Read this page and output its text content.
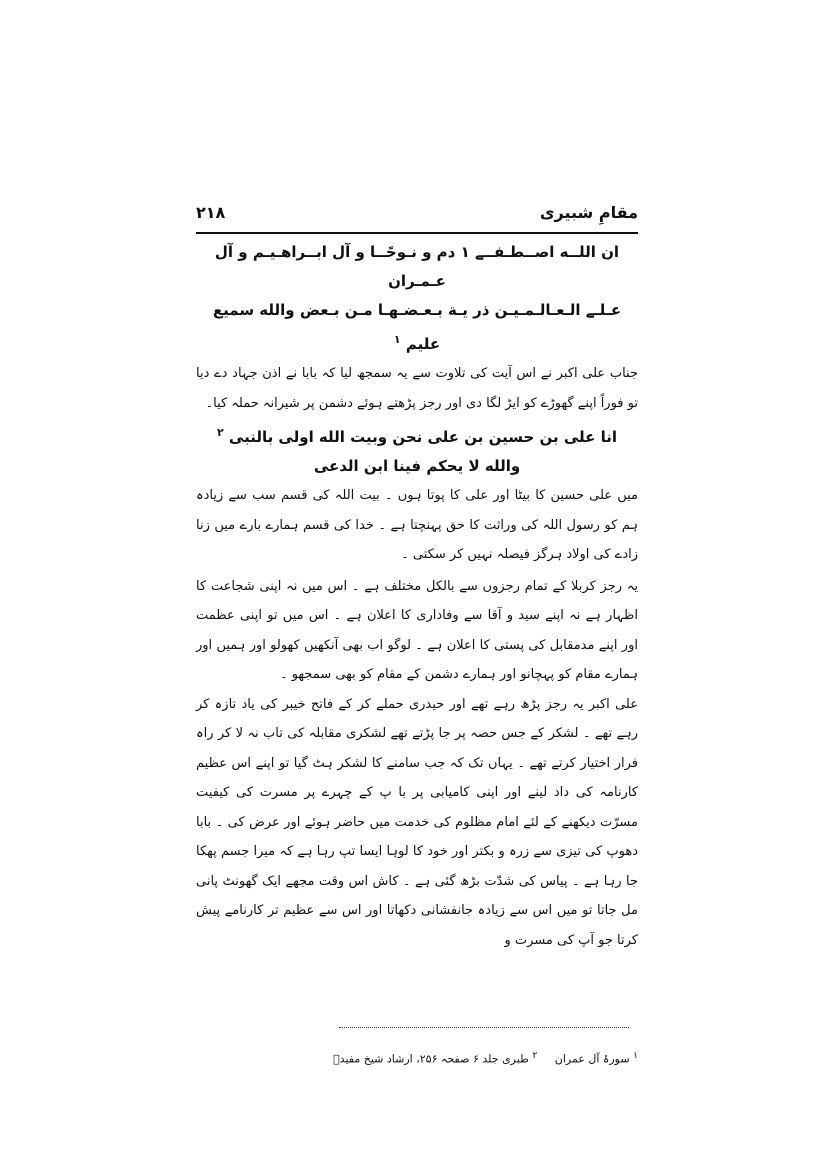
مقامِ شبیری
۲۱۸

ان اللــه اصــطـفــے ۱ دم و نـوحًــا و آل ابــراهـيـم و آل عـمـران

عـلـے الـعـالـمـيـن ذر يـة بـعـضـهـا مـن بـعض والله سميع عليم $^۱$

جناب علی اکبر نے اس آیت کی تلاوت سے یہ سمجھ لیا کہ بابا نے اذن جہاد دے دیا تو فوراً اپنے گھوڑے کو ایڑ لگا دی اور رجز پڑھتے ہوئے دشمن پر شیرانہ حملہ کیا۔

انا علی بن حسین بن علی نحن وبیت الله اولی بالنبی $^۲$

والله لا یحکم فینا ابن الدعی

میں علی حسین کا بیٹا اور علی کا پوتا ہوں ۔ بیت اللہ کی قسم سب سے زیادہ ہم کو رسول اللہ کی وراثت کا حق پہنچتا ہے ۔ خدا کی قسم ہمارے بارے میں زنا زادے کی اولاد ہرگز فیصلہ نہیں کر سکتی ۔

یہ رجز کربلا کے تمام رجزوں سے بالکل مختلف ہے ۔ اس میں نہ اپنی شجاعت کا اظہار ہے نہ اپنے سید و آقا سے وفاداری کا اعلان ہے ۔ اس میں تو اپنی عظمت اور اپنے مدمقابل کی پستی کا اعلان ہے ۔ لوگو اب بھی آنکھیں کھولو اور ہمیں اور ہمارے مقام کو پہچانو اور ہمارے دشمن کے مقام کو بھی سمجھو ۔

علی اکبر یہ رجز پڑھ رہے تھے اور حیدری حملے کر کے فاتح خیبر کی یاد تازہ کر رہے تھے ۔ لشکر کے جس حصہ پر جا پڑتے تھے لشکری مقابلہ کی تاب نہ لا کر راہ فرار اختیار کرتے تھے ۔ یہاں تک کہ جب سامنے کا لشکر ہٹ گیا تو اپنے اس عظیم کارنامہ کی داد لینے اور اپنی کامیابی پر با پ کے چہرے پر مسرت کی کیفیت مسرّت دیکھنے کے لئے امام مظلوم کی خدمت میں حاضر ہوئے اور عرض کی ۔ بابا دھوپ کی تیزی سے زرہ و بکتر اور خود کا لوہا ایسا تپ رہا ہے کہ میرا جسم پھکا جا رہا ہے ۔ پیاس کی شدّت بڑھ گئی ہے ۔ کاش اس وقت مجھے ایک گھونٹ پانی مل جاتا تو میں اس سے زیادہ جانفشانی دکھاتا اور اس سے عظیم تر کارنامے پیش کرتا جو آپ کی مسرت و

$^۱$ سورۂ آل عمران $^۲$ طبری جلد ۶ صفحہ ۲۵۶، ارشاد شیخ مفیدؒ
